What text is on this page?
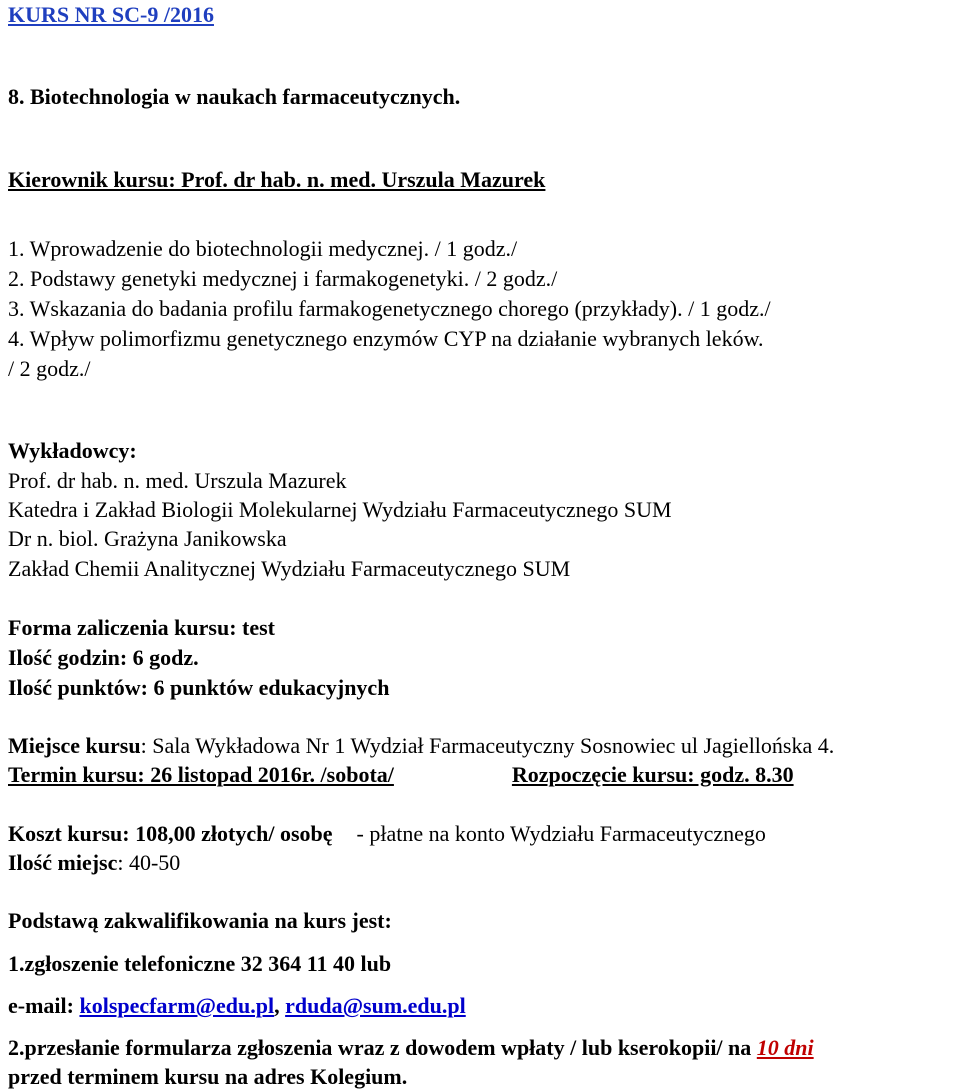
KURS NR SC-9 /2016
8. Biotechnologia w naukach farmaceutycznych.
Kierownik kursu: Prof. dr hab. n. med. Urszula Mazurek
1. Wprowadzenie do biotechnologii medycznej. / 1 godz./
2. Podstawy genetyki medycznej i farmakogenetyki. / 2 godz./
3. Wskazania do badania profilu farmakogenetycznego chorego (przykłady). / 1 godz./
4. Wpływ polimorfizmu genetycznego enzymów CYP na działanie wybranych leków.
/ 2 godz./
Wykładowcy:
Prof. dr hab. n. med. Urszula Mazurek
Katedra i Zakład Biologii Molekularnej Wydziału Farmaceutycznego SUM
Dr n. biol. Grażyna Janikowska
Zakład Chemii Analitycznej Wydziału Farmaceutycznego SUM
Forma zaliczenia kursu: test
Ilość godzin: 6 godz.
Ilość punktów: 6 punktów edukacyjnych
Miejsce kursu: Sala Wykładowa Nr 1 Wydział Farmaceutyczny Sosnowiec ul Jagiellońska 4.
Termin kursu: 26 listopad 2016r. /sobota/	Rozpoczęcie kursu: godz. 8.30
Koszt kursu: 108,00 złotych/ osobę - płatne na konto Wydziału Farmaceutycznego
Ilość miejsc: 40-50
Podstawą zakwalifikowania na kurs jest:
1.zgłoszenie telefoniczne 32 364 11 40 lub
e-mail: kolspecfarm@edu.pl, rduda@sum.edu.pl
2.przesłanie formularza zgłoszenia wraz z dowodem wpłaty / lub kserokopii/ na 10 dni
przed terminem kursu na adres Kolegium.
